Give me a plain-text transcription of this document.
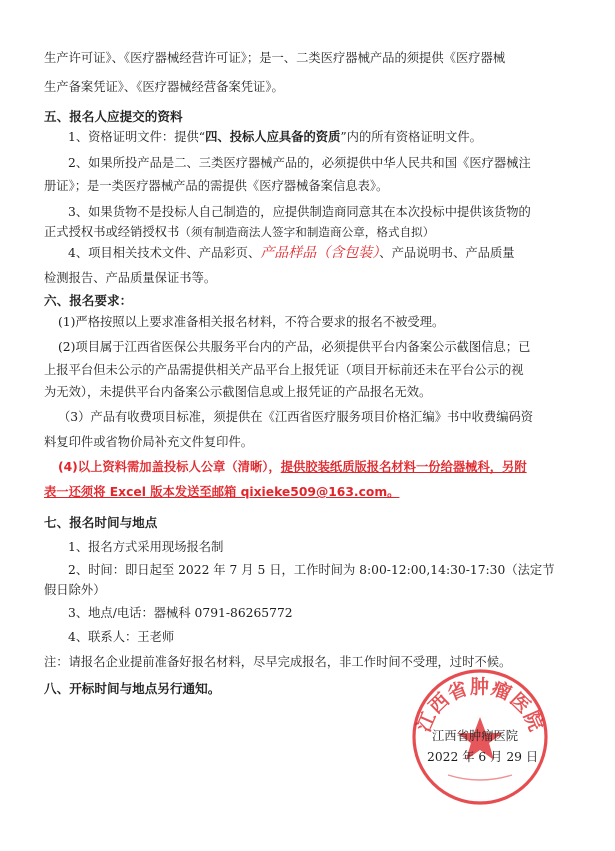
生产许可证》、《医疗器械经营许可证》；是一、二类医疗器械产品的须提供《医疗器械
生产备案凭证》、《医疗器械经营备案凭证》。
五、报名人应提交的资料
1、资格证明文件：提供“四、投标人应具备的资质”内的所有资格证明文件。
2、如果所投产品是二、三类医疗器械产品的，必须提供中华人民共和国《医疗器械注
册证》；是一类医疗器械产品的需提供《医疗器械备案信息表》。
3、如果货物不是投标人自己制造的，应提供制造商同意其在本次投标中提供该货物的
正式授权书或经销授权书（须有制造商法人签字和制造商公章，格式自拟）
4、项目相关技术文件、产品彩页、产品样品（含包装）、产品说明书、产品质量
检测报告、产品质量保证书等。
六、报名要求：
(1)严格按照以上要求准备相关报名材料，不符合要求的报名不被受理。
(2)项目属于江西省医保公共服务平台内的产品，必须提供平台内备案公示截图信息；已
上报平台但未公示的产品需提供相关产品平台上报凭证（项目开标前还未在平台公示的视
为无效），未提供平台内备案公示截图信息或上报凭证的产品报名无效。
（3）产品有收费项目标准，须提供在《江西省医疗服务项目价格汇编》书中收费编码资
料复印件或省物价局补充文件复印件。
(4)以上资料需加盖投标人公章（清晰），提供胶装纸质版报名材料一份给器械科，另附
表一还须将 Excel 版本发送至邮箱 qixieke509@163.com。
七、报名时间与地点
1、报名方式采用现场报名制
2、时间：即日起至 2022 年 7 月 5 日，工作时间为 8:00-12:00,14:30-17:30（法定节
假日除外）
3、地点/电话：器械科 0791-86265772
4、联系人：王老师
注：请报名企业提前准备好报名材料，尽早完成报名，非工作时间不受理，过时不候。
八、开标时间与地点另行通知。
江西省肿瘤医院
江西省肿瘤医院
2022 年 6 月 29 日
